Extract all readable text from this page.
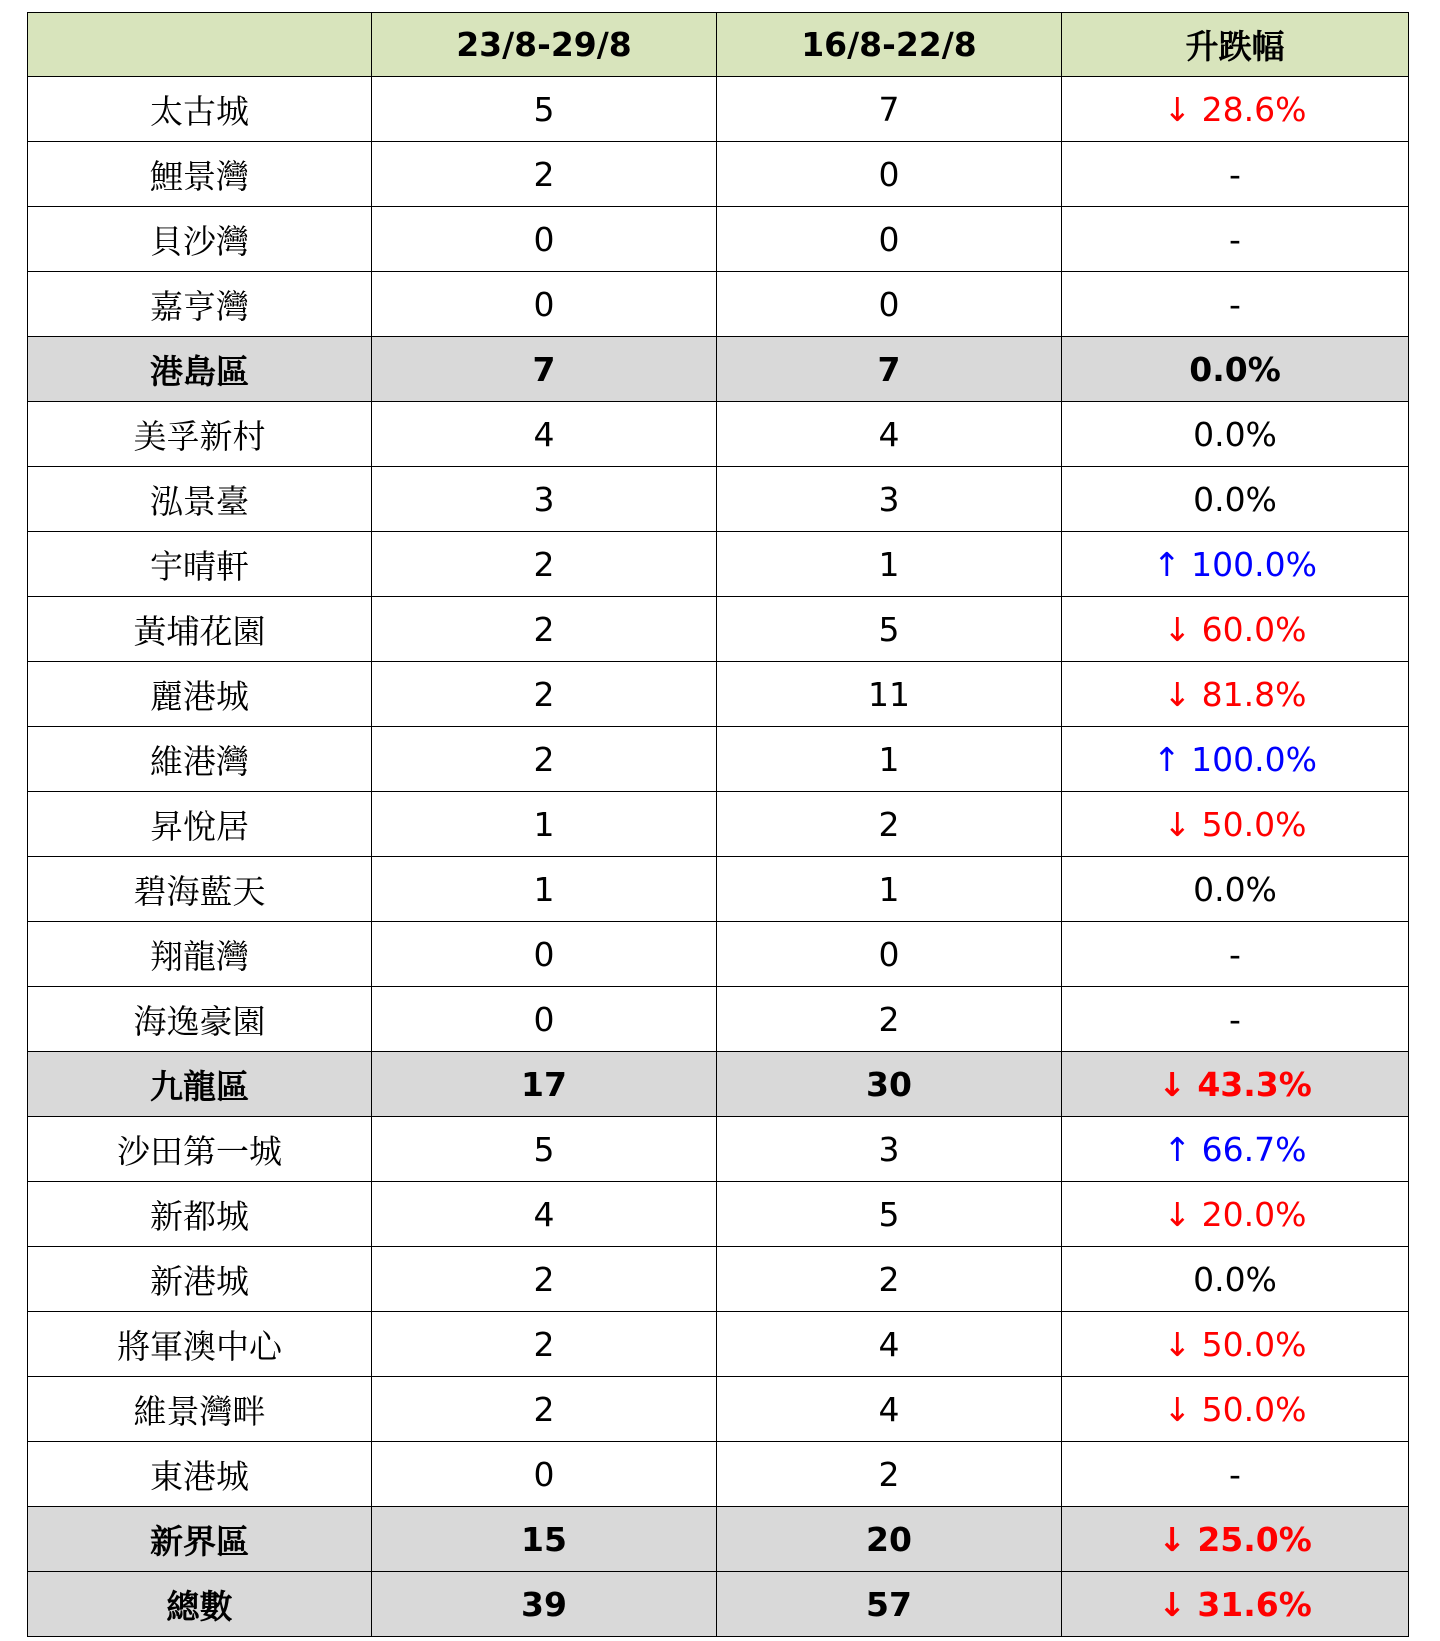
	23/8-29/8	16/8-22/8	升跌幅
太古城	5	7	↓ 28.6%
鯉景灣	2	0	-
貝沙灣	0	0	-
嘉亨灣	0	0	-
港島區	7	7	0.0%
美孚新村	4	4	0.0%
泓景臺	3	3	0.0%
宇晴軒	2	1	↑ 100.0%
黃埔花園	2	5	↓ 60.0%
麗港城	2	11	↓ 81.8%
維港灣	2	1	↑ 100.0%
昇悅居	1	2	↓ 50.0%
碧海藍天	1	1	0.0%
翔龍灣	0	0	-
海逸豪園	0	2	-
九龍區	17	30	↓ 43.3%
沙田第一城	5	3	↑ 66.7%
新都城	4	5	↓ 20.0%
新港城	2	2	0.0%
將軍澳中心	2	4	↓ 50.0%
維景灣畔	2	4	↓ 50.0%
東港城	0	2	-
新界區	15	20	↓ 25.0%
總數	39	57	↓ 31.6%
